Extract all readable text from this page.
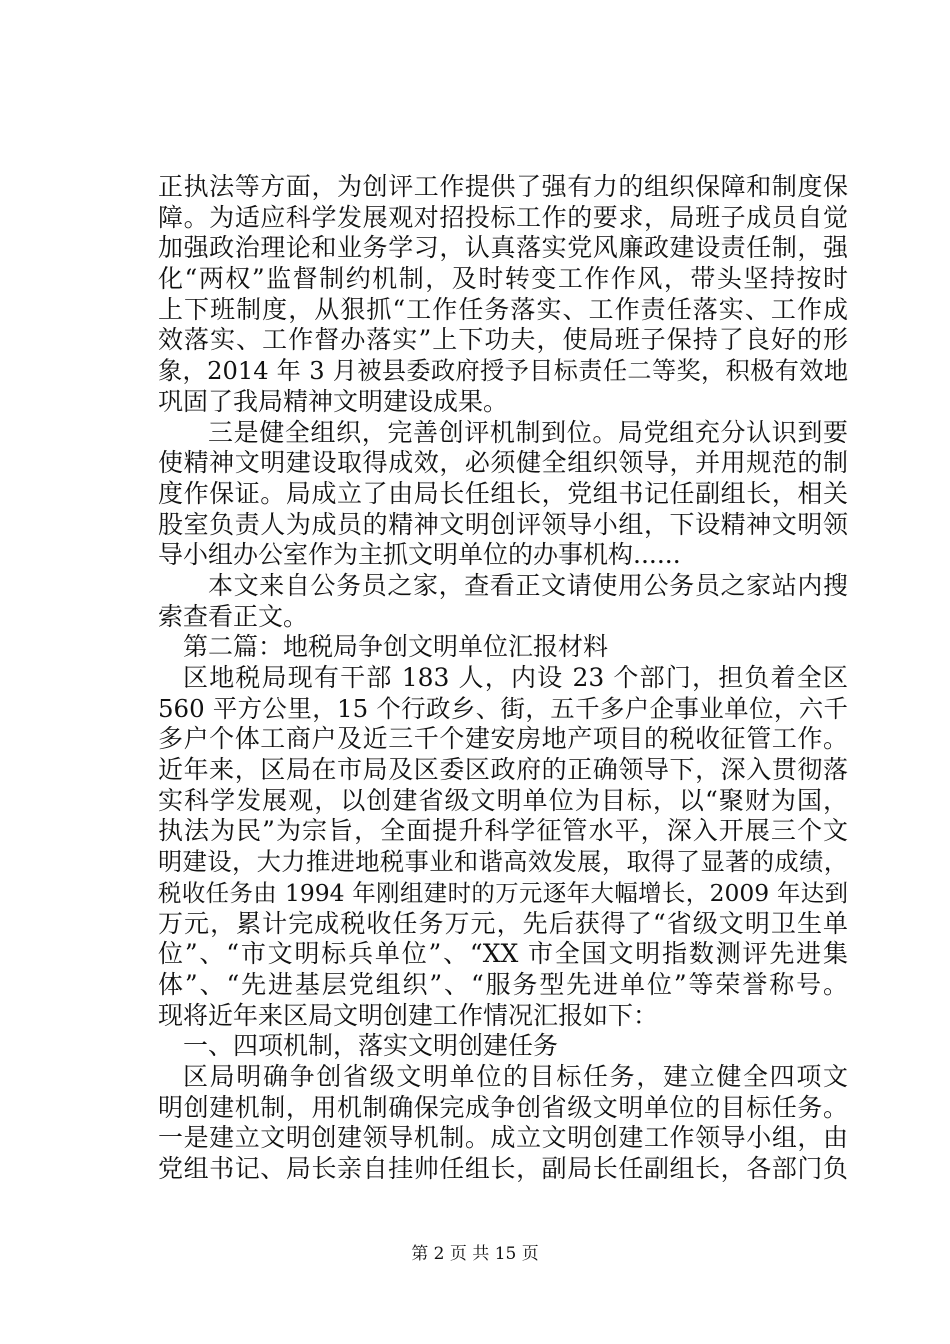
正执法等方面，为创评工作提供了强有力的组织保障和制度保
障。为适应科学发展观对招投标工作的要求，局班子成员自觉
加强政治理论和业务学习，认真落实党风廉政建设责任制，强
化“两权”监督制约机制，及时转变工作作风，带头坚持按时
上下班制度，从狠抓“工作任务落实、工作责任落实、工作成
效落实、工作督办落实”上下功夫，使局班子保持了良好的形
象，2014 年 3 月被县委政府授予目标责任二等奖，积极有效地
巩固了我局精神文明建设成果。
三是健全组织，完善创评机制到位。局党组充分认识到要
使精神文明建设取得成效，必须健全组织领导，并用规范的制
度作保证。局成立了由局长任组长，党组书记任副组长，相关
股室负责人为成员的精神文明创评领导小组，下设精神文明领
导小组办公室作为主抓文明单位的办事机构......
本文来自公务员之家，查看正文请使用公务员之家站内搜
索查看正文。
第二篇：地税局争创文明单位汇报材料
区地税局现有干部 183 人，内设 23 个部门，担负着全区
560 平方公里，15 个行政乡、街，五千多户企事业单位，六千
多户个体工商户及近三千个建安房地产项目的税收征管工作。
近年来，区局在市局及区委区政府的正确领导下，深入贯彻落
实科学发展观，以创建省级文明单位为目标，以“聚财为国，
执法为民”为宗旨，全面提升科学征管水平，深入开展三个文
明建设，大力推进地税事业和谐高效发展，取得了显著的成绩，
税收任务由 1994 年刚组建时的万元逐年大幅增长，2009 年达到
万元，累计完成税收任务万元，先后获得了“省级文明卫生单
位”、“市文明标兵单位”、“XX 市全国文明指数测评先进集
体”、“先进基层党组织”、“服务型先进单位”等荣誉称号。
现将近年来区局文明创建工作情况汇报如下：
一、四项机制，落实文明创建任务
区局明确争创省级文明单位的目标任务，建立健全四项文
明创建机制，用机制确保完成争创省级文明单位的目标任务。
一是建立文明创建领导机制。成立文明创建工作领导小组，由
党组书记、局长亲自挂帅任组长，副局长任副组长，各部门负
第 2 页 共 15 页
